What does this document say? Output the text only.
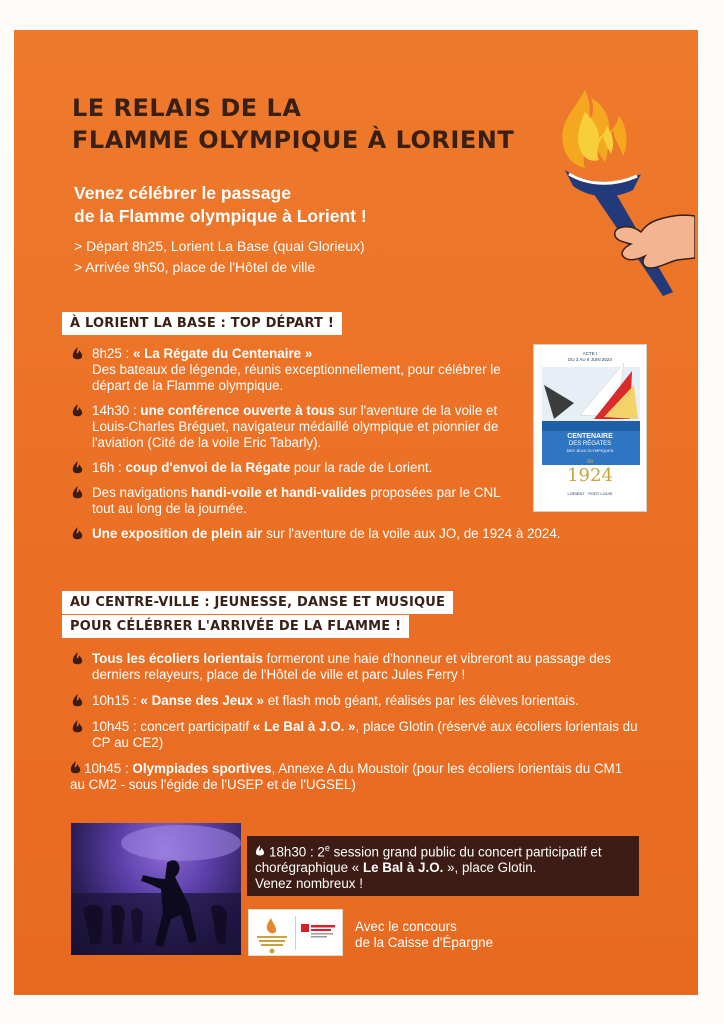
LE RELAIS DE LA
FLAMME OLYMPIQUE À LORIENT
Venez célébrer le passage
de la Flamme olympique à Lorient !
> Départ 8h25, Lorient La Base (quai Glorieux)
> Arrivée 9h50, place de l'Hôtel de ville
À LORIENT LA BASE : TOP DÉPART !
8h25 : « La Régate du Centenaire »
Des bateaux de légende, réunis exceptionnellement, pour célébrer le départ de la Flamme olympique.
14h30 : une conférence ouverte à tous sur l'aventure de la voile et Louis-Charles Bréguet, navigateur médaillé olympique et pionnier de l'aviation (Cité de la voile Eric Tabarly).
16h : coup d'envoi de la Régate pour la rade de Lorient.
Des navigations handi-voile et handi-valides proposées par le CNL tout au long de la journée.
Une exposition de plein air sur l'aventure de la voile aux JO, de 1924 à 2024.
ACTE I
DU 3 AU 6 JUIN 2024
CENTENAIRE
DES RÉGATES
DES JEUX OLYMPIQUES
de
1924
LORIENT · PORT-LOUIS
AU CENTRE-VILLE : JEUNESSE, DANSE ET MUSIQUE
POUR CÉLÉBRER L'ARRIVÉE DE LA FLAMME !
Tous les écoliers lorientais formeront une haie d'honneur et vibreront au passage des derniers relayeurs, place de l'Hôtel de ville et parc Jules Ferry !
10h15 : « Danse des Jeux » et flash mob géant, réalisés par les élèves lorientais.
10h45 : concert participatif « Le Bal à J.O. », place Glotin (réservé aux écoliers lorientais du CP au CE2)
10h45 : Olympiades sportives, Annexe A du Moustoir (pour les écoliers lorientais du CM1 au CM2 - sous l'égide de l'USEP et de l'UGSEL)
18h30 : 2e session grand public du concert participatif et chorégraphique « Le Bal à J.O. », place Glotin.
Venez nombreux !
Avec le concours
de la Caisse d'Épargne
